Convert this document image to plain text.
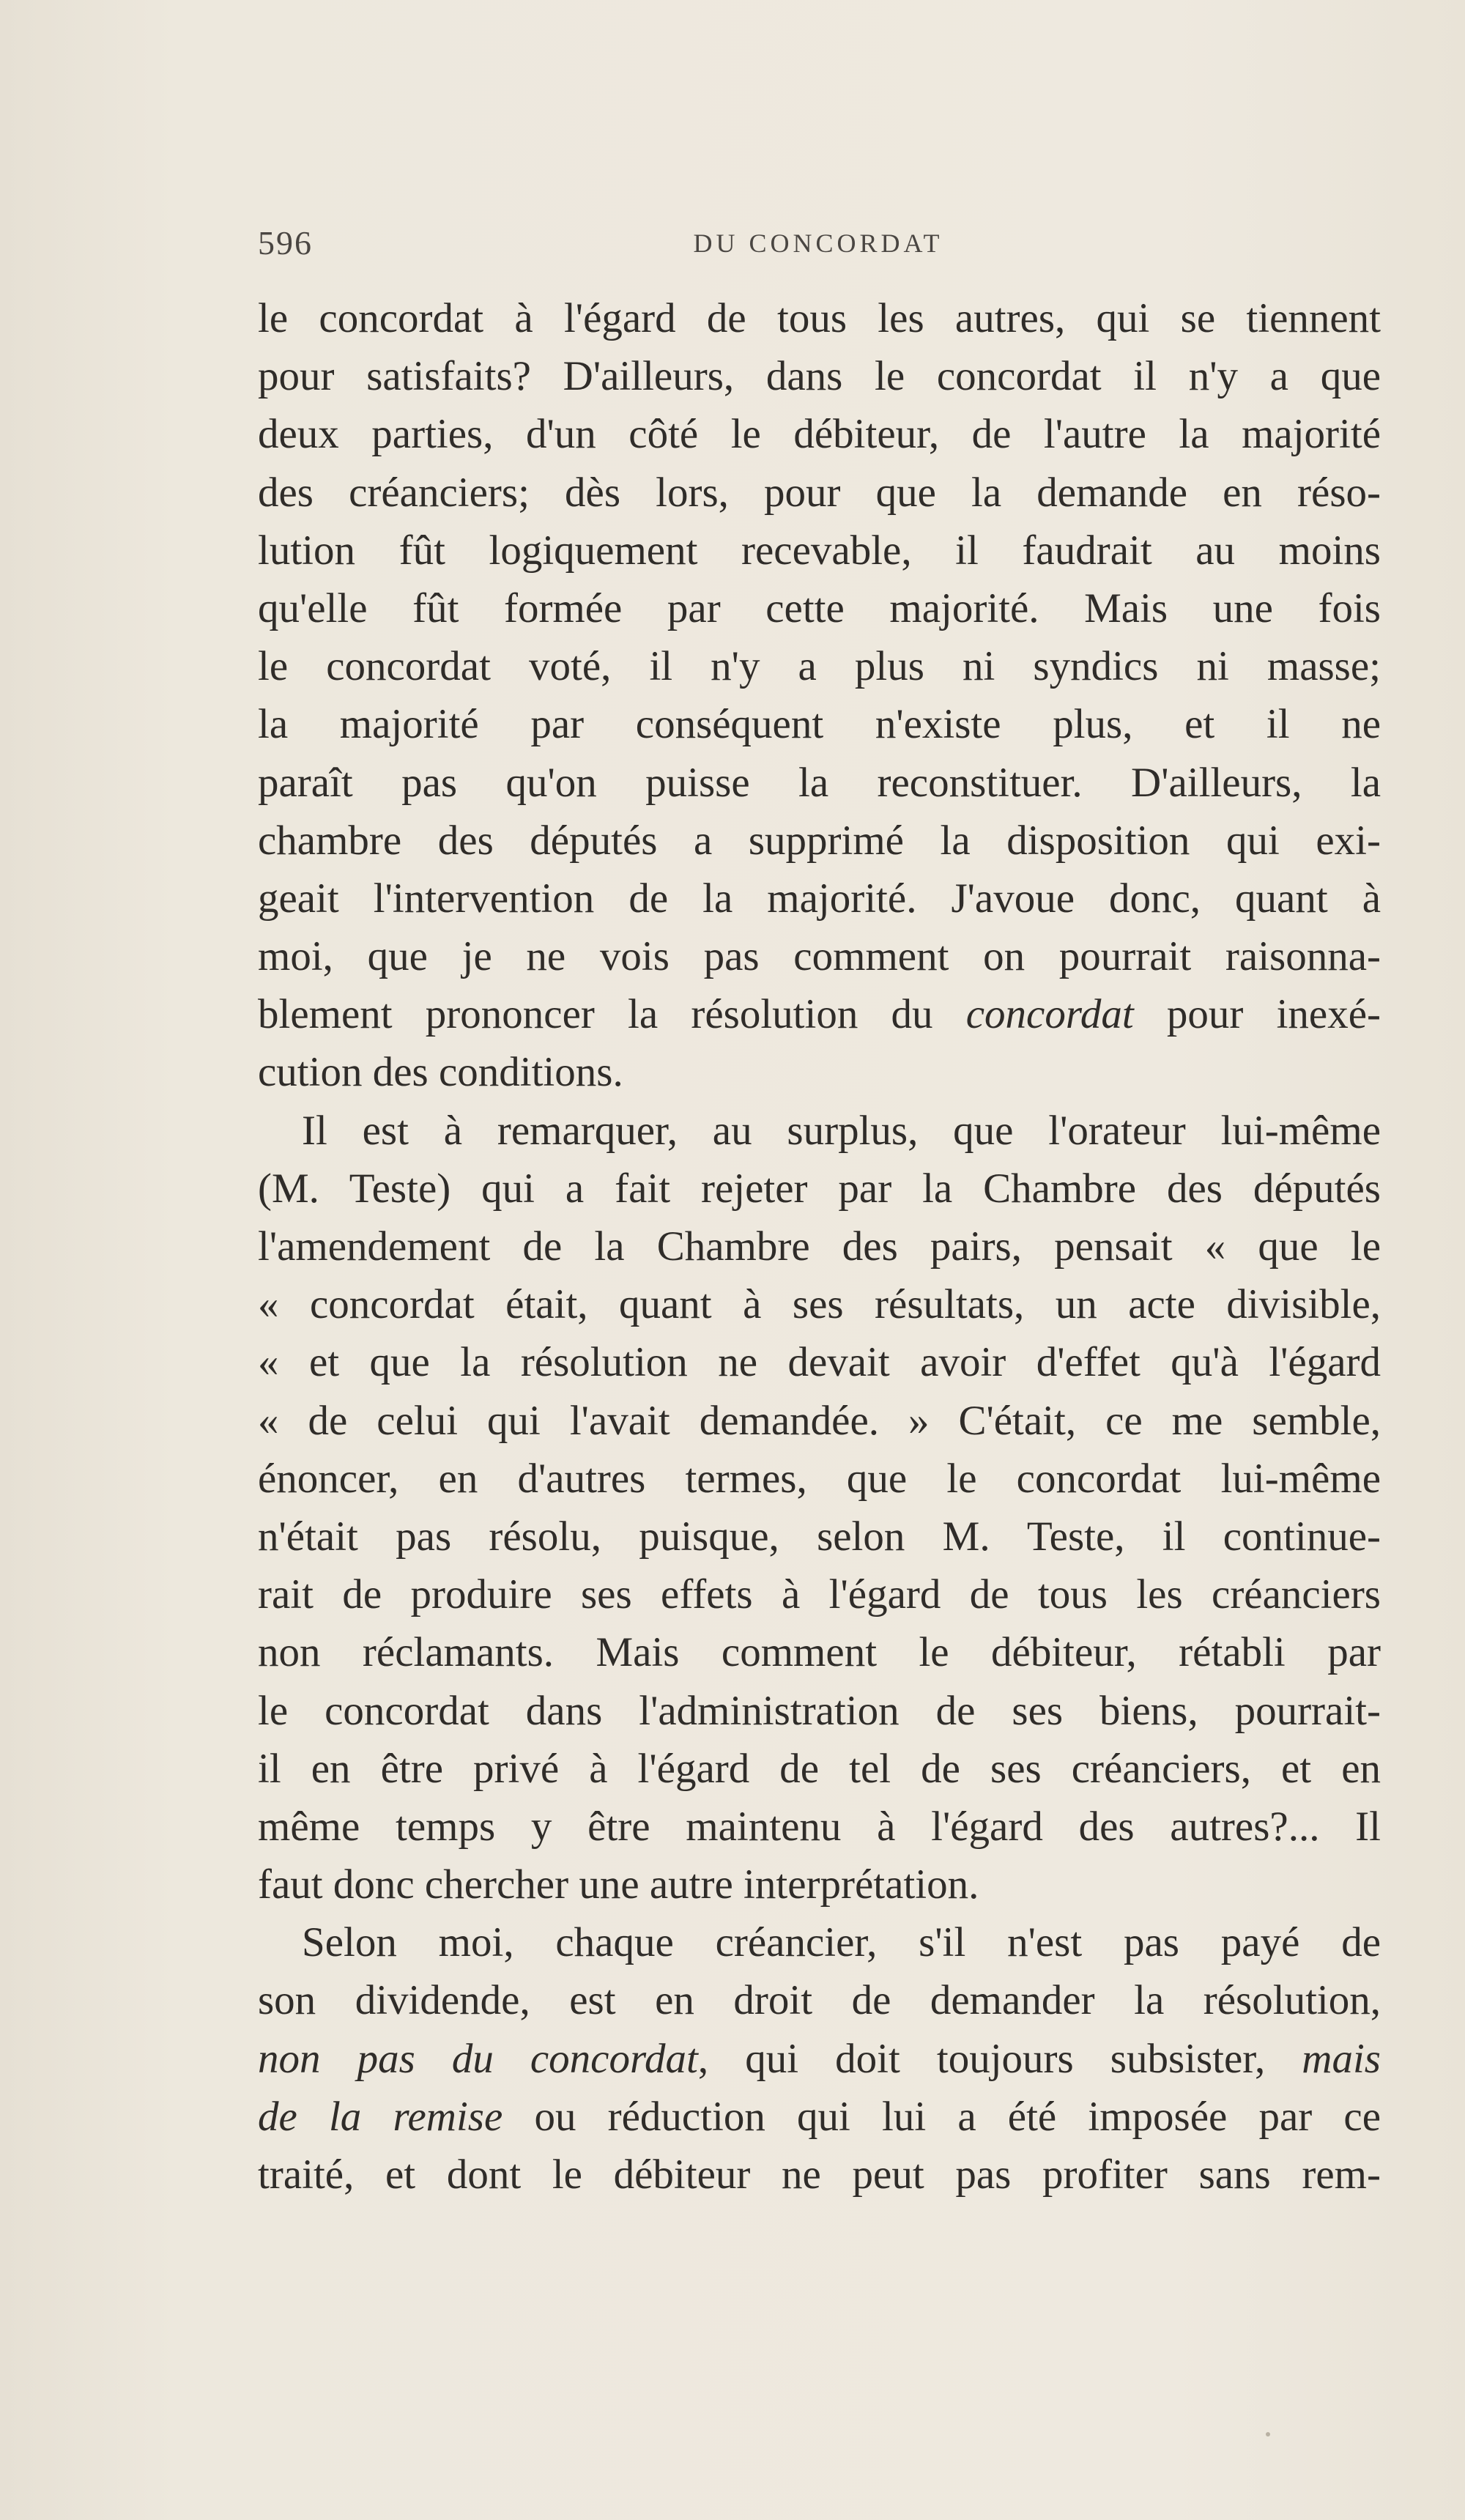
596	DU CONCORDAT
le concordat à l'égard de tous les autres, qui se tiennent
pour satisfaits? D'ailleurs, dans le concordat il n'y a que
deux parties, d'un côté le débiteur, de l'autre la majorité
des créanciers; dès lors, pour que la demande en réso-
lution fût logiquement recevable, il faudrait au moins
qu'elle fût formée par cette majorité. Mais une fois
le concordat voté, il n'y a plus ni syndics ni masse;
la majorité par conséquent n'existe plus, et il ne
paraît pas qu'on puisse la reconstituer. D'ailleurs, la
chambre des députés a supprimé la disposition qui exi-
geait l'intervention de la majorité. J'avoue donc, quant à
moi, que je ne vois pas comment on pourrait raisonna-
blement prononcer la résolution du concordat pour inexé-
cution des conditions.
Il est à remarquer, au surplus, que l'orateur lui-même
(M. Teste) qui a fait rejeter par la Chambre des députés
l'amendement de la Chambre des pairs, pensait « que le
« concordat était, quant à ses résultats, un acte divisible,
« et que la résolution ne devait avoir d'effet qu'à l'égard
« de celui qui l'avait demandée. » C'était, ce me semble,
énoncer, en d'autres termes, que le concordat lui-même
n'était pas résolu, puisque, selon M. Teste, il continue-
rait de produire ses effets à l'égard de tous les créanciers
non réclamants. Mais comment le débiteur, rétabli par
le concordat dans l'administration de ses biens, pourrait-
il en être privé à l'égard de tel de ses créanciers, et en
même temps y être maintenu à l'égard des autres?... Il
faut donc chercher une autre interprétation.
Selon moi, chaque créancier, s'il n'est pas payé de
son dividende, est en droit de demander la résolution,
non pas du concordat, qui doit toujours subsister, mais
de la remise ou réduction qui lui a été imposée par ce
traité, et dont le débiteur ne peut pas profiter sans rem-
